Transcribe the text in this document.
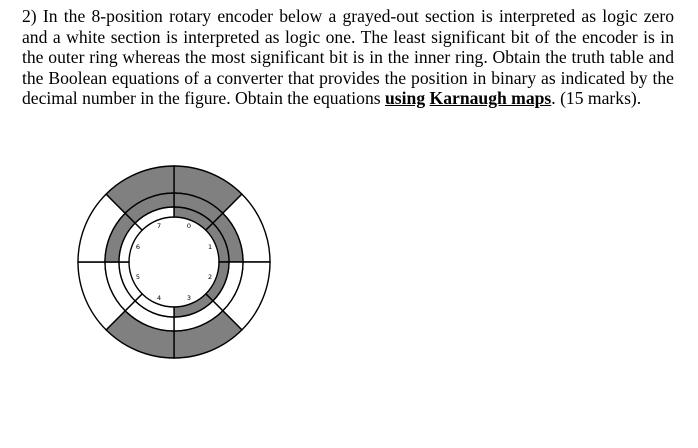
2) In the 8-position rotary encoder below a grayed-out section is interpreted as logic zero and a white section is interpreted as logic one. The least significant bit of the encoder is in the outer ring whereas the most significant bit is in the inner ring. Obtain the truth table and the Boolean equations of a converter that provides the position in binary as indicated by the decimal number in the figure. Obtain the equations using Karnaugh maps. (15 marks).

0
1
2
3
4
5
6
7
